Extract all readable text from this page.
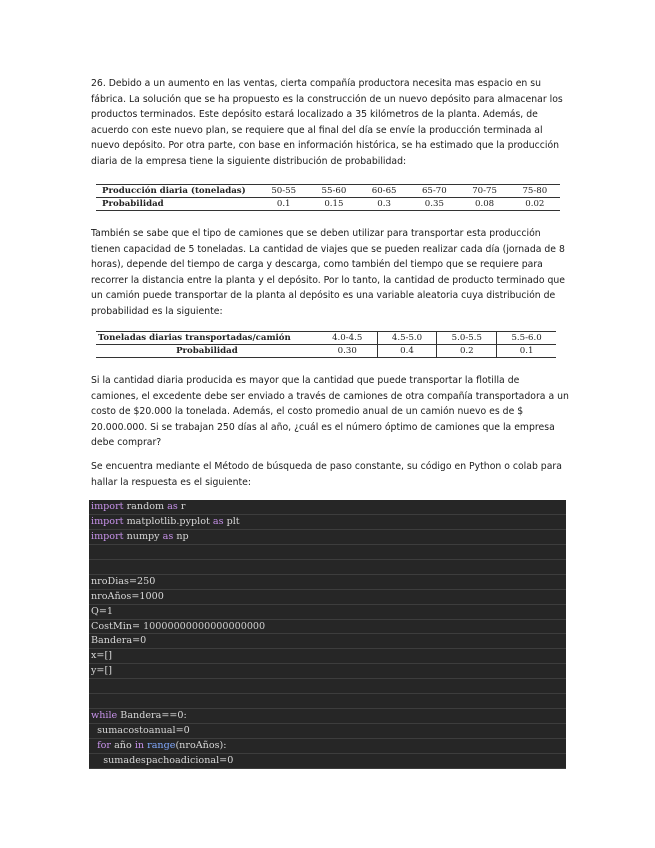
26. Debido a un aumento en las ventas, cierta compañía productora necesita mas espacio en su fábrica. La solución que se ha propuesto es la construcción de un nuevo depósito para almacenar los productos terminados. Este depósito estará localizado a 35 kilómetros de la planta. Además, de acuerdo con este nuevo plan, se requiere que al final del día se envíe la producción terminada al nuevo depósito. Por otra parte, con base en información histórica, se ha estimado que la producción diaria de la empresa tiene la siguiente distribución de probabilidad:

Producción diaria (toneladas)	50-55	55-60	60-65	65-70	70-75	75-80
Probabilidad	0.1	0.15	0.3	0.35	0.08	0.02

También se sabe que el tipo de camiones que se deben utilizar para transportar esta producción tienen capacidad de 5 toneladas. La cantidad de viajes que se pueden realizar cada día (jornada de 8 horas), depende del tiempo de carga y descarga, como también del tiempo que se requiere para recorrer la distancia entre la planta y el depósito. Por lo tanto, la cantidad de producto terminado que un camión puede transportar de la planta al depósito es una variable aleatoria cuya distribución de probabilidad es la siguiente:

Toneladas diarias transportadas/camión	4.0-4.5	4.5-5.0	5.0-5.5	5.5-6.0
Probabilidad	0.30	0.4	0.2	0.1

Si la cantidad diaria producida es mayor que la cantidad que puede transportar la flotilla de camiones, el excedente debe ser enviado a través de camiones de otra compañía transportadora a un costo de $20.000 la tonelada. Además, el costo promedio anual de un camión nuevo es de $ 20.000.000. Si se trabajan 250 días al año, ¿cuál es el número óptimo de camiones que la empresa debe comprar?

Se encuentra mediante el Método de búsqueda de paso constante, su código en Python o colab para hallar la respuesta es el siguiente:

import random as r
import matplotlib.pyplot as plt
import numpy as np
nroDias=250
nroAños=1000
Q=1
CostMin= 10000000000000000000
Bandera=0
x=[]
y=[]
while Bandera==0:
sumacostoanual=0
for año in range(nroAños):
sumadespachoadicional=0
